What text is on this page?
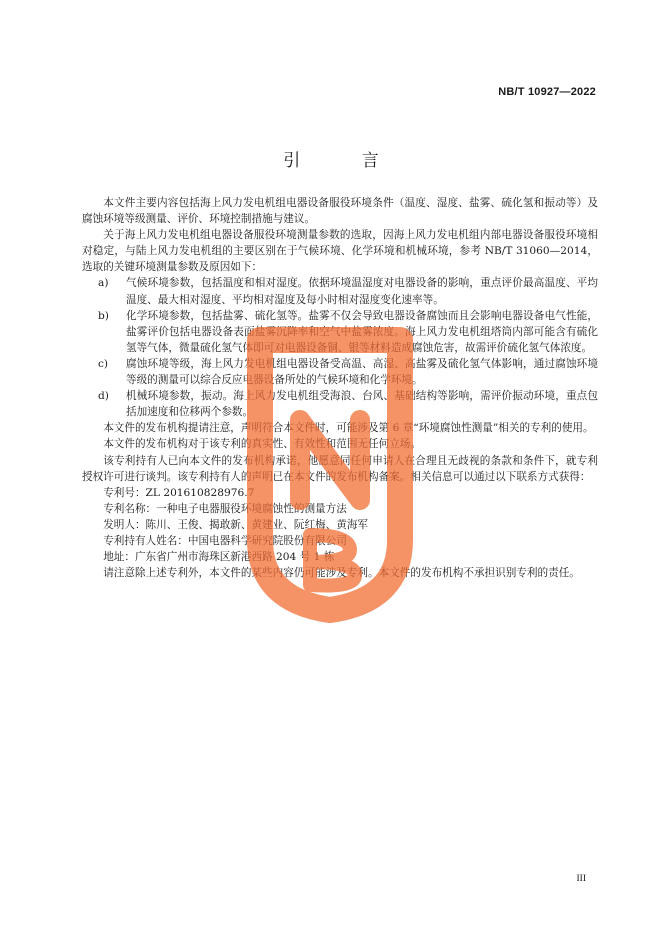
NB/T 10927—2022
引 言

本文件主要内容包括海上风力发电机组电器设备服役环境条件（温度、湿度、盐雾、硫化氢和振动等）及腐蚀环境等级测量、评价、环境控制措施与建议。

关于海上风力发电机组电器设备服役环境测量参数的选取，因海上风力发电机组内部电器设备服役环境相对稳定，与陆上风力发电机组的主要区别在于气候环境、化学环境和机械环境，参考 NB/T 31060—2014，选取的关键环境测量参数及原因如下：

a)	气候环境参数，包括温度和相对湿度。依据环境温湿度对电器设备的影响，重点评价最高温度、平均温度、最大相对湿度、平均相对湿度及每小时相对湿度变化速率等。
b)	化学环境参数，包括盐雾、硫化氢等。盐雾不仅会导致电器设备腐蚀而且会影响电器设备电气性能，盐雾评价包括电器设备表面盐雾沉降率和空气中盐雾浓度。海上风力发电机组塔筒内部可能含有硫化氢等气体，微量硫化氢气体即可对电器设备铜、银等材料造成腐蚀危害，故需评价硫化氢气体浓度。
c)	腐蚀环境等级，海上风力发电机组电器设备受高温、高湿、高盐雾及硫化氢气体影响，通过腐蚀环境等级的测量可以综合反应电器设备所处的气候环境和化学环境。
d)	机械环境参数，振动。海上风力发电机组受海浪、台风、基础结构等影响，需评价振动环境，重点包括加速度和位移两个参数。

本文件的发布机构提请注意，声明符合本文件时，可能涉及第 6 章“环境腐蚀性测量”相关的专利的使用。

本文件的发布机构对于该专利的真实性、有效性和范围无任何立场。

该专利持有人已向本文件的发布机构承诺，他愿意同任何申请人在合理且无歧视的条款和条件下，就专利授权许可进行谈判。该专利持有人的声明已在本文件的发布机构备案。相关信息可以通过以下联系方式获得：

专利号：ZL 201610828976.7
专利名称：一种电子电器服役环境腐蚀性的测量方法
发明人：陈川、王俊、揭敢新、黄建业、阮红梅、黄海军
专利持有人姓名：中国电器科学研究院股份有限公司
地址：广东省广州市海珠区新港西路 204 号 1 栋

请注意除上述专利外，本文件的某些内容仍可能涉及专利。本文件的发布机构不承担识别专利的责任。

III
